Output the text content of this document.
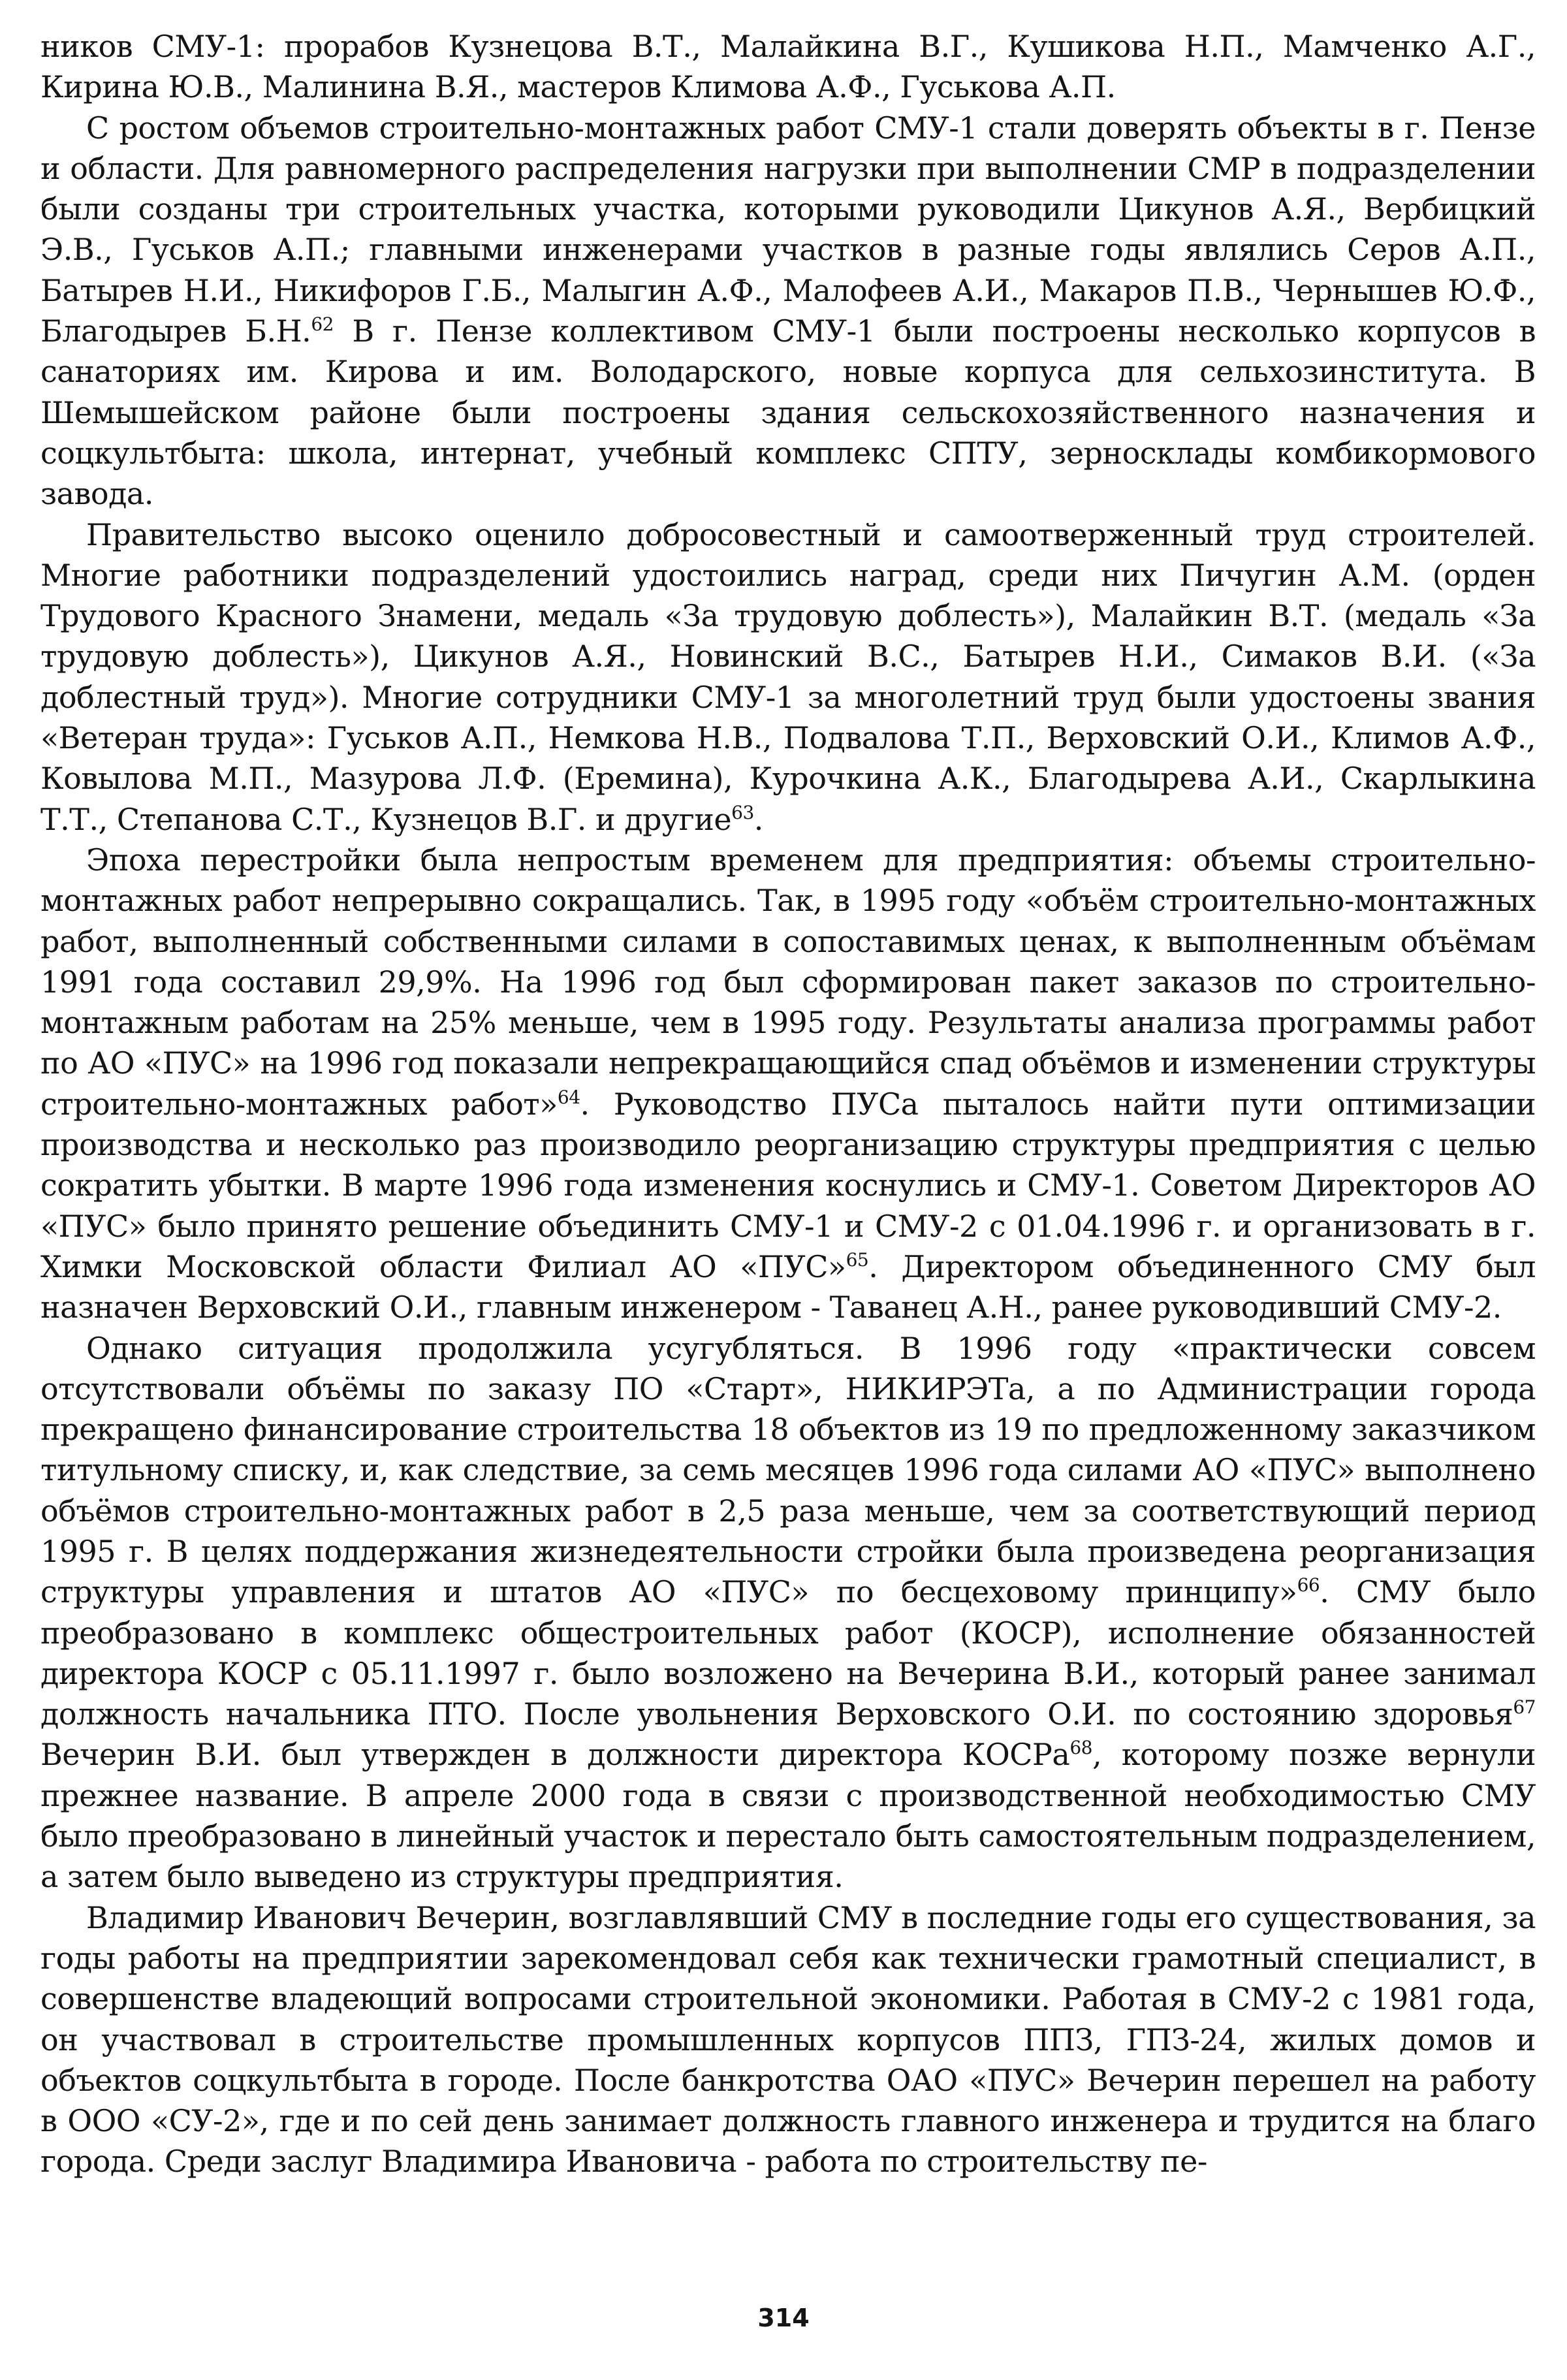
ников СМУ-1: прорабов Кузнецова В.Т., Малайкина В.Г., Кушикова Н.П., Мамченко А.Г., Кирина Ю.В., Малинина В.Я., мастеров Климова А.Ф., Гуськова А.П.

С ростом объемов строительно-монтажных работ СМУ-1 стали доверять объекты в г. Пензе и области. Для равномерного распределения нагрузки при выполнении СМР в подразделении были созданы три строительных участка, которыми руководили Цикунов А.Я., Вербицкий Э.В., Гуськов А.П.; главными инженерами участков в разные годы являлись Серов А.П., Батырев Н.И., Никифоров Г.Б., Малыгин А.Ф., Малофеев А.И., Макаров П.В., Чернышев Ю.Ф., Благодырев Б.Н.$^{62}$ В г. Пензе коллективом СМУ-1 были построены несколько корпусов в санаториях им. Кирова и им. Володарского, новые корпуса для сельхозинститута. В Шемышейском районе были построены здания сельскохозяйственного назначения и соцкультбыта: школа, интернат, учебный комплекс СПТУ, зерносклады комбикормового завода.

Правительство высоко оценило добросовестный и самоотверженный труд строителей. Многие работники подразделений удостоились наград, среди них Пичугин А.М. (орден Трудового Красного Знамени, медаль «За трудовую доблесть»), Малайкин В.Т. (медаль «За трудовую доблесть»), Цикунов А.Я., Новинский В.С., Батырев Н.И., Симаков В.И. («За доблестный труд»). Многие сотрудники СМУ-1 за многолетний труд были удостоены звания «Ветеран труда»: Гуськов А.П., Немкова Н.В., Подвалова Т.П., Верховский О.И., Климов А.Ф., Ковылова М.П., Мазурова Л.Ф. (Еремина), Курочкина А.К., Благодырева А.И., Скарлыкина Т.Т., Степанова С.Т., Кузнецов В.Г. и другие$^{63}$.

Эпоха перестройки была непростым временем для предприятия: объемы строительно-монтажных работ непрерывно сокращались. Так, в 1995 году «объём строительно-монтажных работ, выполненный собственными силами в сопоставимых ценах, к выполненным объёмам 1991 года составил 29,9%. На 1996 год был сформирован пакет заказов по строительно-монтажным работам на 25% меньше, чем в 1995 году. Результаты анализа программы работ по АО «ПУС» на 1996 год показали непрекращающийся спад объёмов и изменении структуры строительно-монтажных работ»$^{64}$. Руководство ПУСа пыталось найти пути оптимизации производства и несколько раз производило реорганизацию структуры предприятия с целью сократить убытки. В марте 1996 года изменения коснулись и СМУ-1. Советом Директоров АО «ПУС» было принято решение объединить СМУ-1 и СМУ-2 с 01.04.1996 г. и организовать в г. Химки Московской области Филиал АО «ПУС»$^{65}$. Директором объединенного СМУ был назначен Верховский О.И., главным инженером - Таванец А.Н., ранее руководивший СМУ-2.

Однако ситуация продолжила усугубляться. В 1996 году «практически совсем отсутствовали объёмы по заказу ПО «Старт», НИКИРЭТа, а по Администрации города прекращено финансирование строительства 18 объектов из 19 по предложенному заказчиком титульному списку, и, как следствие, за семь месяцев 1996 года силами АО «ПУС» выполнено объёмов строительно-монтажных работ в 2,5 раза меньше, чем за соответствующий период 1995 г. В целях поддержания жизнедеятельности стройки была произведена реорганизация структуры управления и штатов АО «ПУС» по бесцеховому принципу»$^{66}$. СМУ было преобразовано в комплекс общестроительных работ (КОСР), исполнение обязанностей директора КОСР с 05.11.1997 г. было возложено на Вечерина В.И., который ранее занимал должность начальника ПТО. После увольнения Верховского О.И. по состоянию здоровья$^{67}$ Вечерин В.И. был утвержден в должности директора КОСРа$^{68}$, которому позже вернули прежнее название. В апреле 2000 года в связи с производственной необходимостью СМУ было преобразовано в линейный участок и перестало быть самостоятельным подразделением, а затем было выведено из структуры предприятия.

Владимир Иванович Вечерин, возглавлявший СМУ в последние годы его существования, за годы работы на предприятии зарекомендовал себя как технически грамотный специалист, в совершенстве владеющий вопросами строительной экономики. Работая в СМУ-2 с 1981 года, он участвовал в строительстве промышленных корпусов ППЗ, ГПЗ-24, жилых домов и объектов соцкультбыта в городе. После банкротства ОАО «ПУС» Вечерин перешел на работу в ООО «СУ-2», где и по сей день занимает должность главного инженера и трудится на благо города. Среди заслуг Владимира Ивановича - работа по строительству пе-

314
